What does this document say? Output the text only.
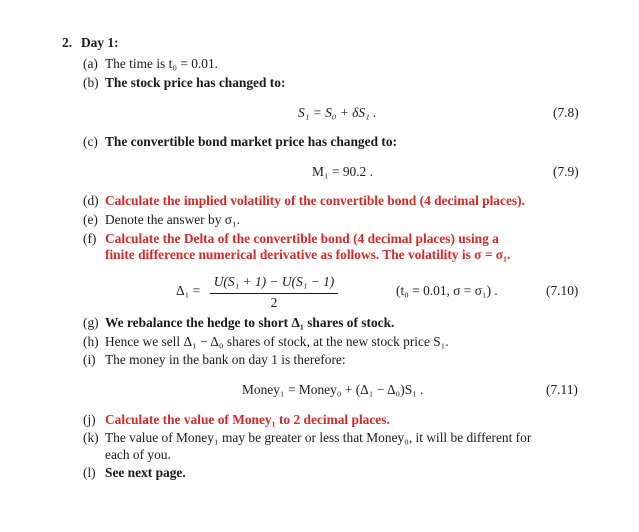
2. Day 1:
(a) The time is t₀ = 0.01.
(b) The stock price has changed to:
S₁ = S₀ + δS₁ .	(7.8)
(c) The convertible bond market price has changed to:
M₁ = 90.2 .	(7.9)
(d) Calculate the implied volatility of the convertible bond (4 decimal places).
(e) Denote the answer by σ₁.
(f) Calculate the Delta of the convertible bond (4 decimal places) using a
finite difference numerical derivative as follows. The volatility is σ = σ₁.
Δ₁ =
U(S₁ + 1) − U(S₁ − 1)
2
(t₀ = 0.01, σ = σ₁) .	(7.10)
(g) We rebalance the hedge to short Δ₁ shares of stock.
(h) Hence we sell Δ₁ − Δ₀ shares of stock, at the new stock price S₁.
(i) The money in the bank on day 1 is therefore:
Money₁ = Money₀ + (Δ₁ − Δ₀)S₁ .	(7.11)
(j) Calculate the value of Money₁ to 2 decimal places.
(k) The value of Money₁ may be greater or less that Money₀, it will be different for
each of you.
(l) See next page.
